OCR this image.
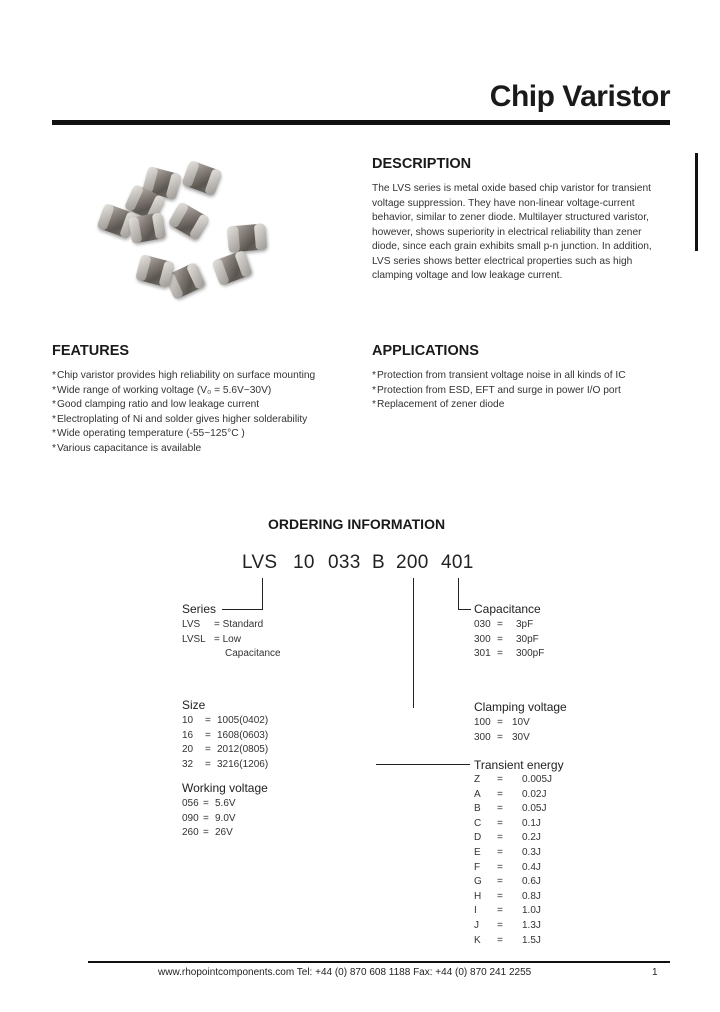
Chip Varistor
DESCRIPTION
The LVS series is metal oxide based chip varistor for transient
voltage suppression. They have non-linear voltage-current
behavior, similar to zener diode. Multilayer structured varistor,
however, shows superiority in electrical reliability than zener
diode, since each grain exhibits small p-n junction. In addition,
LVS series shows better electrical properties such as high
clamping voltage and low leakage current.
FEATURES
* Chip varistor provides high reliability on surface mounting
* Wide range of working voltage (V₀ = 5.6V~30V)
* Good clamping ratio and low leakage current
* Electroplating of Ni and solder gives higher solderability
* Wide operating temperature (-55~125°C )
* Various capacitance is available
APPLICATIONS
* Protection from transient voltage noise in all kinds of IC
* Protection from ESD, EFT and surge in power I/O port
* Replacement of zener diode
ORDERING INFORMATION
LVS 10 033 B 200 401
Series
LVS = Standard
LVSL = Low
Capacitance
Size
10 = 1005(0402)
16 = 1608(0603)
20 = 2012(0805)
32 = 3216(1206)
Working voltage
056 = 5.6V
090 = 9.0V
260 = 26V
Capacitance
030 = 3pF
300 = 30pF
301 = 300pF
Clamping voltage
100 = 10V
300 = 30V
Transient energy
Z = 0.005J
A = 0.02J
B = 0.05J
C = 0.1J
D = 0.2J
E = 0.3J
F = 0.4J
G = 0.6J
H = 0.8J
I = 1.0J
J = 1.3J
K = 1.5J
www.rhopointcomponents.com Tel: +44 (0) 870 608 1188 Fax: +44 (0) 870 241 2255	1
